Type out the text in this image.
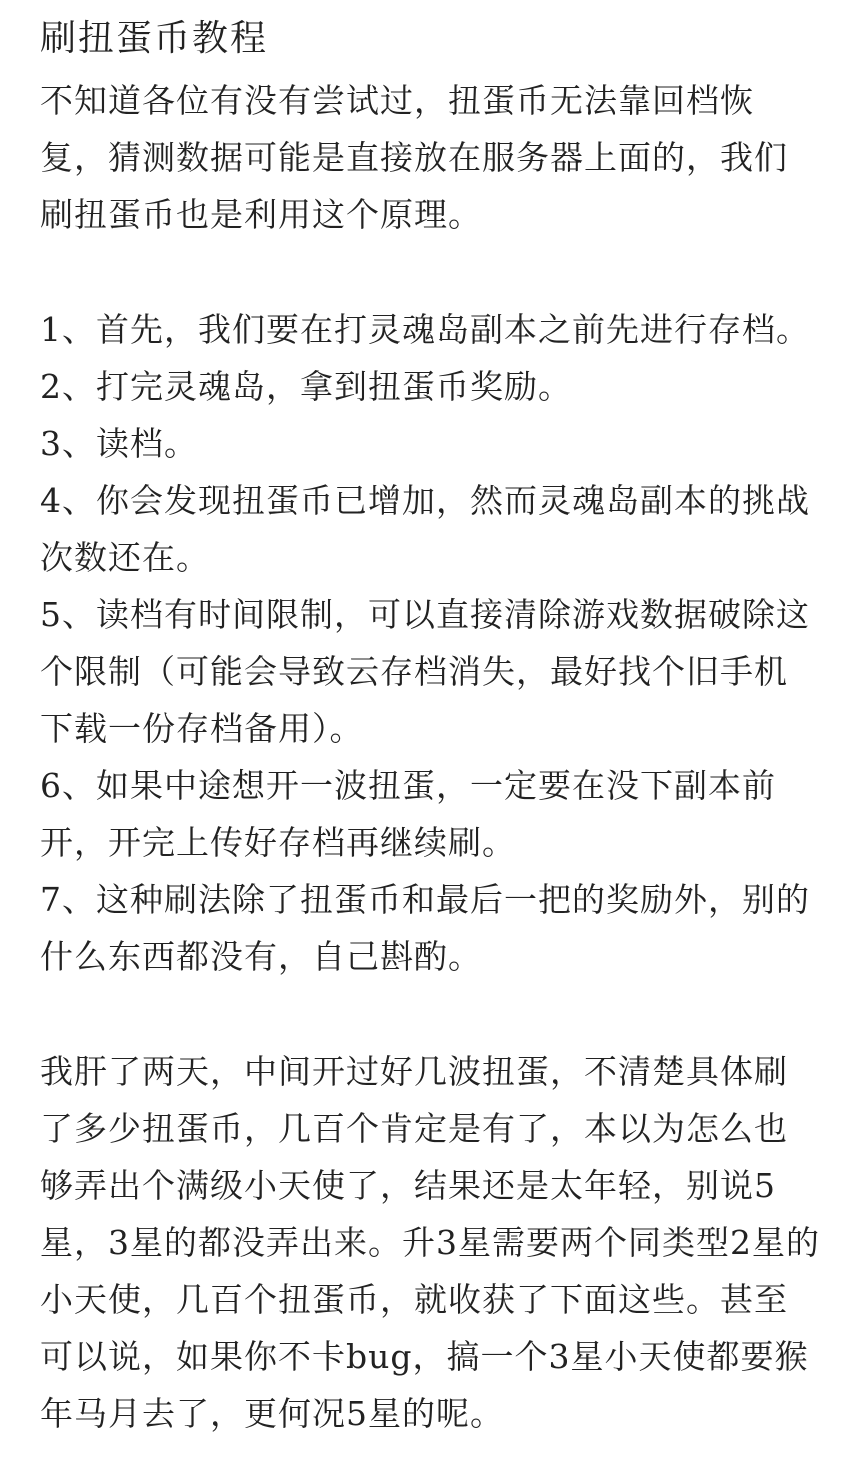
刷扭蛋币教程
不知道各位有没有尝试过，扭蛋币无法靠回档恢
复，猜测数据可能是直接放在服务器上面的，我们
刷扭蛋币也是利用这个原理。
1、首先，我们要在打灵魂岛副本之前先进行存档。
2、打完灵魂岛，拿到扭蛋币奖励。
3、读档。
4、你会发现扭蛋币已增加，然而灵魂岛副本的挑战
次数还在。
5、读档有时间限制，可以直接清除游戏数据破除这
个限制（可能会导致云存档消失，最好找个旧手机
下载一份存档备用）。
6、如果中途想开一波扭蛋，一定要在没下副本前
开，开完上传好存档再继续刷。
7、这种刷法除了扭蛋币和最后一把的奖励外，别的
什么东西都没有，自己斟酌。
我肝了两天，中间开过好几波扭蛋，不清楚具体刷
了多少扭蛋币，几百个肯定是有了，本以为怎么也
够弄出个满级小天使了，结果还是太年轻，别说5
星，3星的都没弄出来。升3星需要两个同类型2星的
小天使，几百个扭蛋币，就收获了下面这些。甚至
可以说，如果你不卡bug，搞一个3星小天使都要猴
年马月去了，更何况5星的呢。
